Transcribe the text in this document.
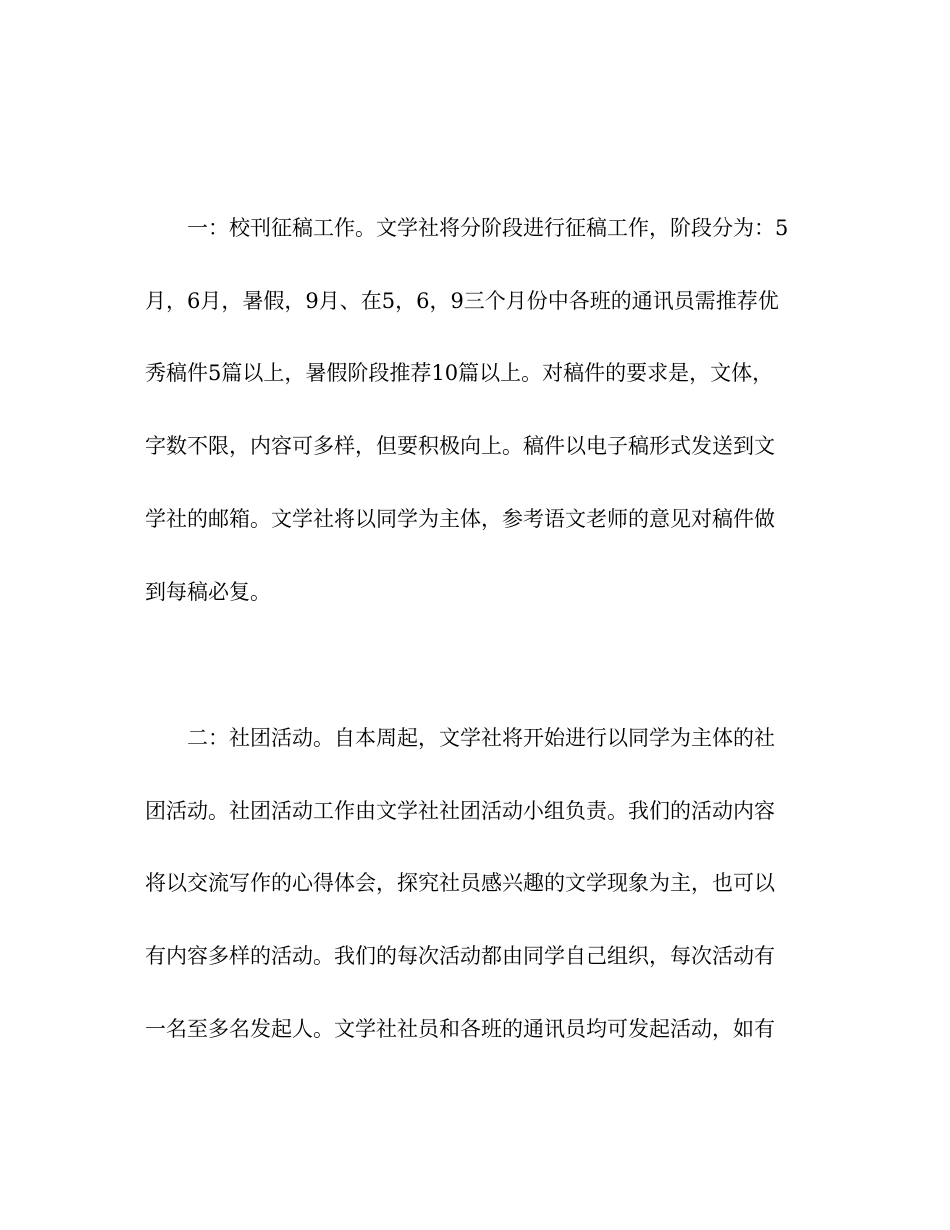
一：校刊征稿工作。文学社将分阶段进行征稿工作，阶段分为：5
月，6月，暑假，9月、在5，6，9三个月份中各班的通讯员需推荐优
秀稿件5篇以上，暑假阶段推荐10篇以上。对稿件的要求是，文体，
字数不限，内容可多样，但要积极向上。稿件以电子稿形式发送到文
学社的邮箱。文学社将以同学为主体，参考语文老师的意见对稿件做
到每稿必复。
二：社团活动。自本周起，文学社将开始进行以同学为主体的社
团活动。社团活动工作由文学社社团活动小组负责。我们的活动内容
将以交流写作的心得体会，探究社员感兴趣的文学现象为主，也可以
有内容多样的活动。我们的每次活动都由同学自己组织，每次活动有
一名至多名发起人。文学社社员和各班的通讯员均可发起活动，如有
